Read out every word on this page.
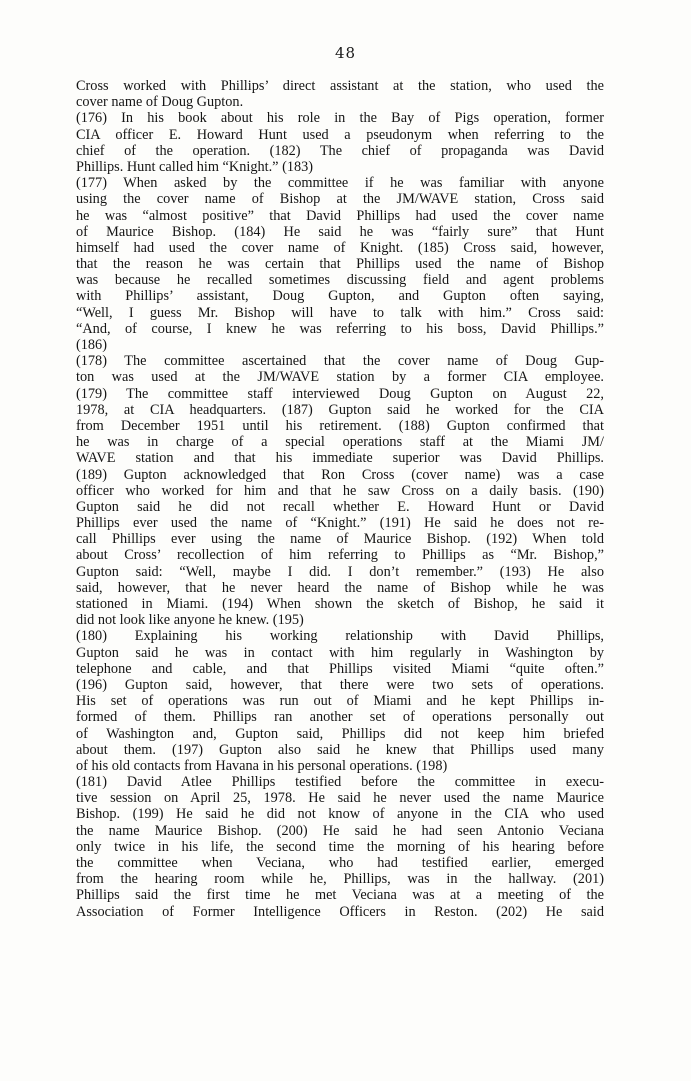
48
Cross worked with Phillips’ direct assistant at the station, who used the
cover name of Doug Gupton.
(176) In his book about his role in the Bay of Pigs operation, former
CIA officer E. Howard Hunt used a pseudonym when referring to the
chief of the operation. (182) The chief of propaganda was David
Phillips. Hunt called him “Knight.” (183)
(177) When asked by the committee if he was familiar with anyone
using the cover name of Bishop at the JM/WAVE station, Cross said
he was “almost positive” that David Phillips had used the cover name
of Maurice Bishop. (184) He said he was “fairly sure” that Hunt
himself had used the cover name of Knight. (185) Cross said, however,
that the reason he was certain that Phillips used the name of Bishop
was because he recalled sometimes discussing field and agent problems
with Phillips’ assistant, Doug Gupton, and Gupton often saying,
“Well, I guess Mr. Bishop will have to talk with him.” Cross said:
“And, of course, I knew he was referring to his boss, David Phillips.”
(186)
(178) The committee ascertained that the cover name of Doug Gup-
ton was used at the JM/WAVE station by a former CIA employee.
(179) The committee staff interviewed Doug Gupton on August 22,
1978, at CIA headquarters. (187) Gupton said he worked for the CIA
from December 1951 until his retirement. (188) Gupton confirmed that
he was in charge of a special operations staff at the Miami JM/
WAVE station and that his immediate superior was David Phillips.
(189) Gupton acknowledged that Ron Cross (cover name) was a case
officer who worked for him and that he saw Cross on a daily basis. (190)
Gupton said he did not recall whether E. Howard Hunt or David
Phillips ever used the name of “Knight.” (191) He said he does not re-
call Phillips ever using the name of Maurice Bishop. (192) When told
about Cross’ recollection of him referring to Phillips as “Mr. Bishop,”
Gupton said: “Well, maybe I did. I don’t remember.” (193) He also
said, however, that he never heard the name of Bishop while he was
stationed in Miami. (194) When shown the sketch of Bishop, he said it
did not look like anyone he knew. (195)
(180) Explaining his working relationship with David Phillips,
Gupton said he was in contact with him regularly in Washington by
telephone and cable, and that Phillips visited Miami “quite often.”
(196) Gupton said, however, that there were two sets of operations.
His set of operations was run out of Miami and he kept Phillips in-
formed of them. Phillips ran another set of operations personally out
of Washington and, Gupton said, Phillips did not keep him briefed
about them. (197) Gupton also said he knew that Phillips used many
of his old contacts from Havana in his personal operations. (198)
(181) David Atlee Phillips testified before the committee in execu-
tive session on April 25, 1978. He said he never used the name Maurice
Bishop. (199) He said he did not know of anyone in the CIA who used
the name Maurice Bishop. (200) He said he had seen Antonio Veciana
only twice in his life, the second time the morning of his hearing before
the committee when Veciana, who had testified earlier, emerged
from the hearing room while he, Phillips, was in the hallway. (201)
Phillips said the first time he met Veciana was at a meeting of the
Association of Former Intelligence Officers in Reston. (202) He said
